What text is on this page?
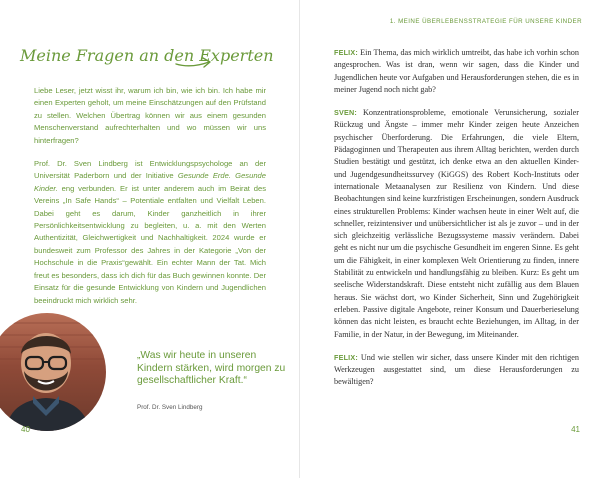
Meine Fragen an den Experten

Liebe Leser, jetzt wisst ihr, warum ich bin, wie ich bin. Ich habe mir einen Experten geholt, um meine Einschätzungen auf den Prüfstand zu stellen. Welchen Übertrag können wir aus einem gesunden Menschenverstand aufrechterhalten und wo müssen wir uns hinterfragen?

Prof. Dr. Sven Lindberg ist Entwicklungspsychologe an der Universität Paderborn und der Initiative Gesunde Erde. Gesunde Kinder. eng verbunden. Er ist unter anderem auch im Beirat des Vereins „In Safe Hands“ – Potentiale entfalten und Vielfalt Leben. Dabei geht es darum, Kinder ganzheitlich in ihrer Persönlichkeitsentwicklung zu begleiten, u. a. mit den Werten Authentizität, Gleichwertigkeit und Nachhaltigkeit. 2024 wurde er bundesweit zum Professor des Jahres in der Kategorie „Von der Hochschule in die Praxis“gewählt. Ein echter Mann der Tat. Mich freut es besonders, dass ich dich für das Buch gewinnen konnte. Der Einsatz für die gesunde Entwicklung von Kindern und Jugendlichen beeindruckt mich wirklich sehr.

„Was wir heute in unseren Kindern stärken, wird morgen zu gesellschaftlicher Kraft.“
Prof. Dr. Sven Lindberg
40
1. MEINE ÜBERLEBENSSTRATEGIE FÜR UNSERE KINDER

FELIX: Ein Thema, das mich wirklich umtreibt, das habe ich vorhin schon angesprochen. Was ist dran, wenn wir sagen, dass die Kinder und Jugendlichen heute vor Aufgaben und Herausforderungen stehen, die es in meiner Jugend noch nicht gab?

SVEN: Konzentrationsprobleme, emotionale Verunsicherung, sozialer Rückzug und Ängste – immer mehr Kinder zeigen heute Anzeichen psychischer Überforderung. Die Erfahrungen, die viele Eltern, Pädagoginnen und Therapeuten aus ihrem Alltag berichten, werden durch Studien bestätigt und gestützt, ich denke etwa an den aktuellen Kinder- und Jugendgesundheitssurvey (KiGGS) des Robert Koch-Instituts oder internationale Metaanalysen zur Resilienz von Kindern. Und diese Beobachtungen sind keine kurzfristigen Erscheinungen, sondern Ausdruck eines strukturellen Problems: Kinder wachsen heute in einer Welt auf, die schneller, reizintensiver und unübersichtlicher ist als je zuvor – und in der sich gleichzeitig verlässliche Bezugssysteme massiv verändern. Dabei geht es nicht nur um die psychische Gesundheit im engeren Sinne. Es geht um die Fähigkeit, in einer komplexen Welt Orientierung zu finden, innere Stabilität zu entwickeln und handlungsfähig zu bleiben. Kurz: Es geht um seelische Widerstandskraft. Diese entsteht nicht zufällig aus dem Blauen heraus. Sie wächst dort, wo Kinder Sicherheit, Sinn und Zugehörigkeit erleben. Passive digitale Angebote, reiner Konsum und Dauerberieselung können das nicht leisten, es braucht echte Beziehungen, im Alltag, in der Familie, in der Natur, in der Bewegung, im Miteinander.

FELIX: Und wie stellen wir sicher, dass unsere Kinder mit den richtigen Werkzeugen ausgestattet sind, um diese Herausforderungen zu bewältigen?

41
